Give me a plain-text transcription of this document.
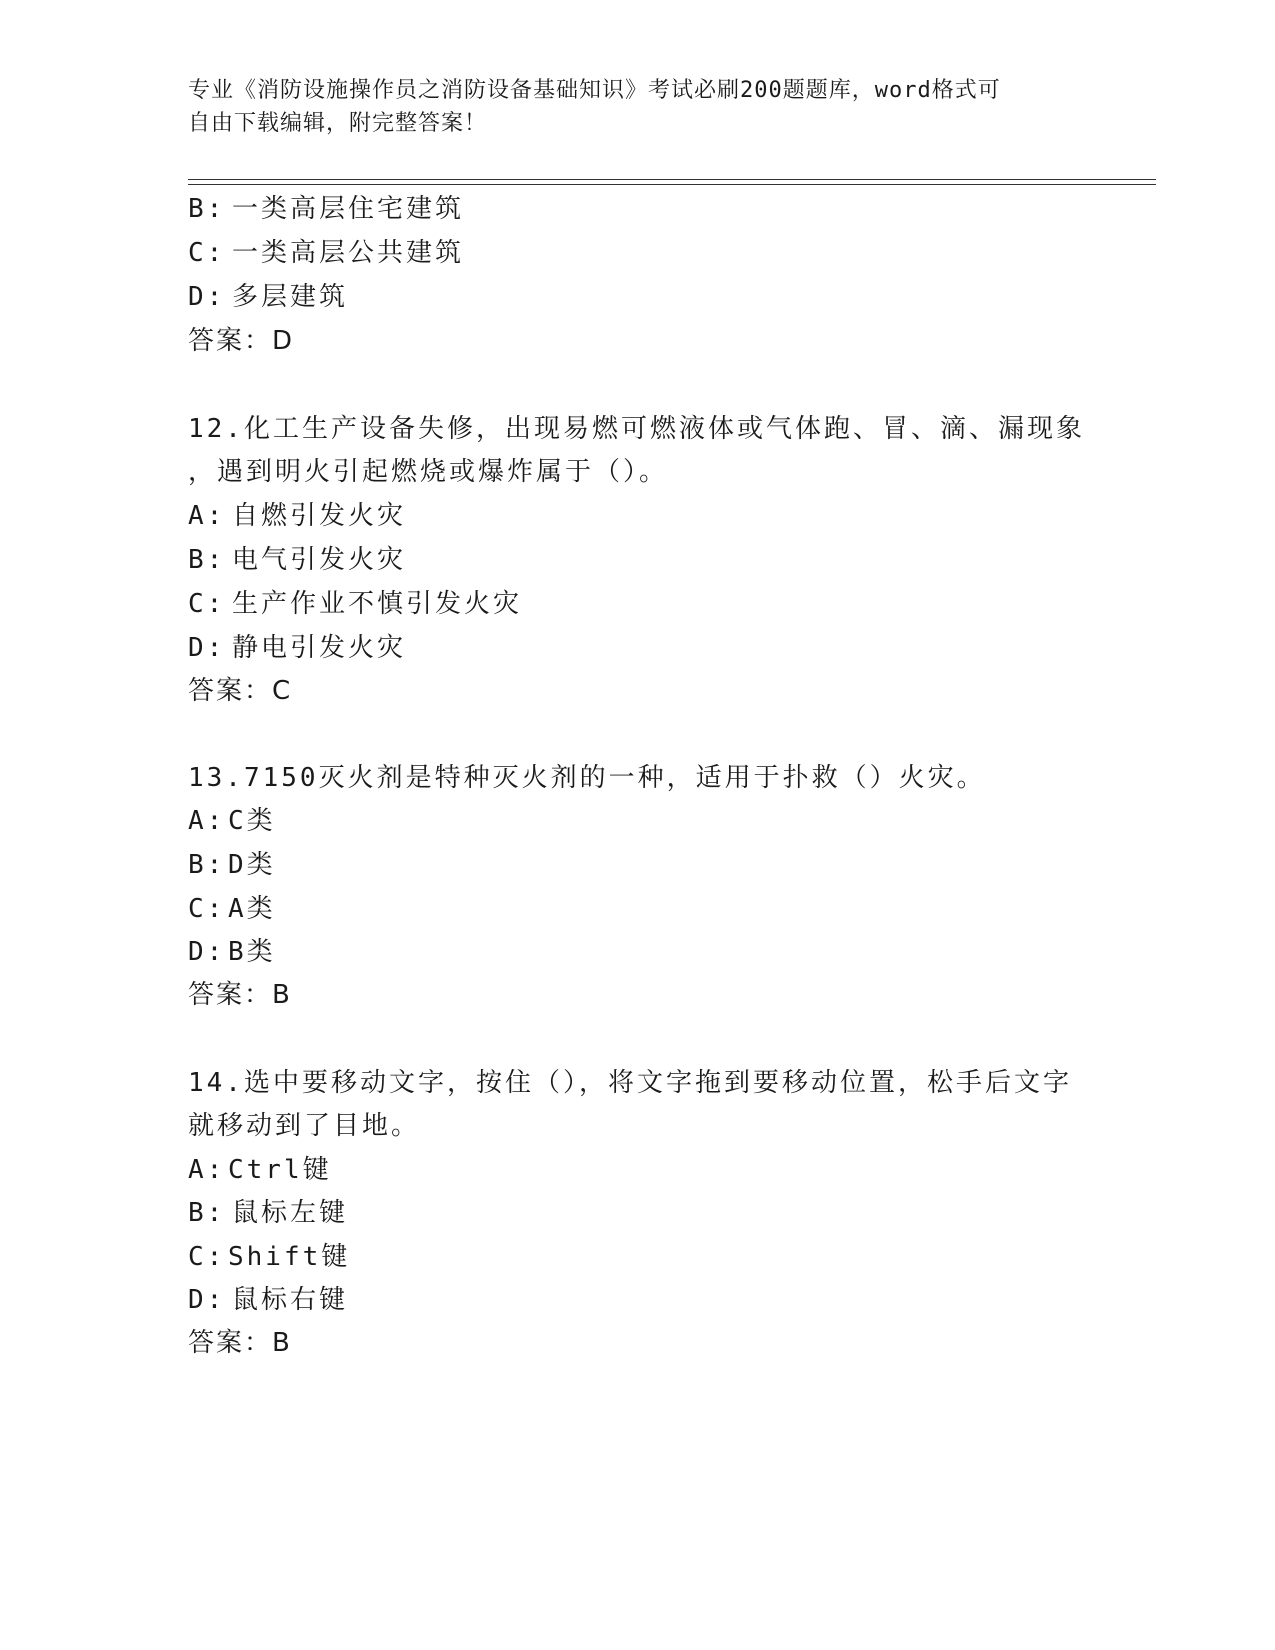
专业《消防设施操作员之消防设备基础知识》考试必刷200题题库，word格式可
自由下载编辑，附完整答案！
B: 一类高层住宅建筑
C: 一类高层公共建筑
D: 多层建筑
答案：D
12.化工生产设备失修，出现易燃可燃液体或气体跑、冒、滴、漏现象
，遇到明火引起燃烧或爆炸属于（）。
A: 自燃引发火灾
B: 电气引发火灾
C: 生产作业不慎引发火灾
D: 静电引发火灾
答案：C
13.7150灭火剂是特种灭火剂的一种，适用于扑救（）火灾。
A: C类
B: D类
C: A类
D: B类
答案：B
14.选中要移动文字，按住（），将文字拖到要移动位置，松手后文字
就移动到了目地。
A: Ctrl键
B: 鼠标左键
C: Shift键
D: 鼠标右键
答案：B
